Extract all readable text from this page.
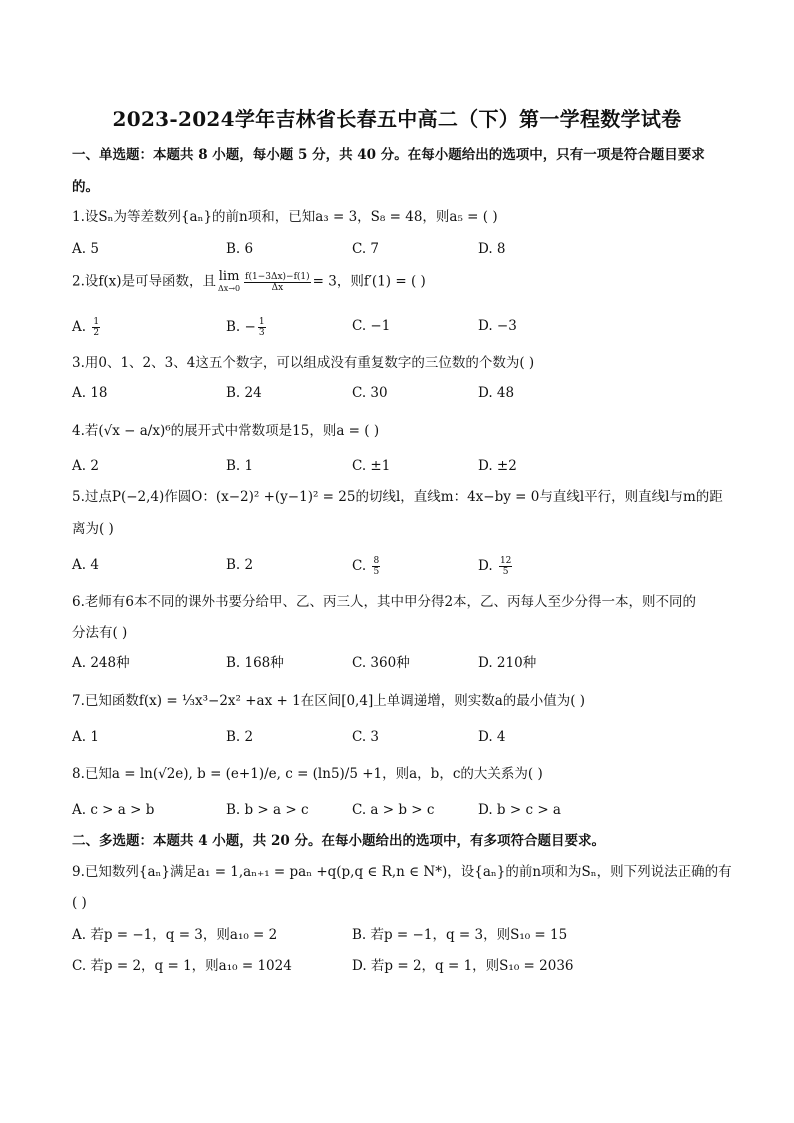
2023-2024学年吉林省长春五中高二（下）第一学程数学试卷
一、单选题：本题共 8 小题，每小题 5 分，共 40 分。在每小题给出的选项中，只有一项是符合题目要求
的。
1.设Sₙ为等差数列{aₙ}的前n项和，已知a₃ = 3，S₈ = 48，则a₅ = ( )
A. 5	B. 6	C. 7	D. 8
2.设f(x)是可导函数，且 lim
$\Delta x\to 0 \frac{f(1-3\Delta x)-f(1)}{\Delta x} = 3$，则f′(1) = ( )
A. $\frac{1}{2}$	B. − $\frac{1}{3}$	C. −1	D. −3
3.用0、1、2、3、4这五个数字，可以组成没有重复数字的三位数的个数为( )
A. 18	B. 24	C. 30	D. 48
4.若(√x − a/x)⁶的展开式中常数项是15，则a = ( )
A. 2	B. 1	C. ±1	D. ±2
5.过点P(−2,4)作圆O：(x−2)² +(y−1)² = 25的切线l，直线m：4x−by = 0与直线l平行，则直线l与m的距
离为( )
A. 4	B. 2	C. $\frac{8}{5}$	D. $\frac{12}{5}$
6.老师有6本不同的课外书要分给甲、乙、丙三人，其中甲分得2本，乙、丙每人至少分得一本，则不同的
分法有( )
A. 248种	B. 168种	C. 360种	D. 210种
7.已知函数f(x) = ⅓x³−2x² +ax + 1在区间[0,4]上单调递增，则实数a的最小值为( )
A. 1	B. 2	C. 3	D. 4
8.已知a = ln(√2e), b = (e+1)/e, c = (ln5)/5 +1，则a，b，c的大关系为( )
A. c > a > b	B. b > a > c	C. a > b > c	D. b > c > a
二、多选题：本题共 4 小题，共 20 分。在每小题给出的选项中，有多项符合题目要求。
9.已知数列{aₙ}满足a₁ = 1,aₙ₊₁ = paₙ +q(p,q ∈ R,n ∈ N*)，设{aₙ}的前n项和为Sₙ，则下列说法正确的有
( )
A. 若p = −1，q = 3，则a₁₀ = 2	B. 若p = −1，q = 3，则S₁₀ = 15
C. 若p = 2，q = 1，则a₁₀ = 1024	D. 若p = 2，q = 1，则S₁₀ = 2036
